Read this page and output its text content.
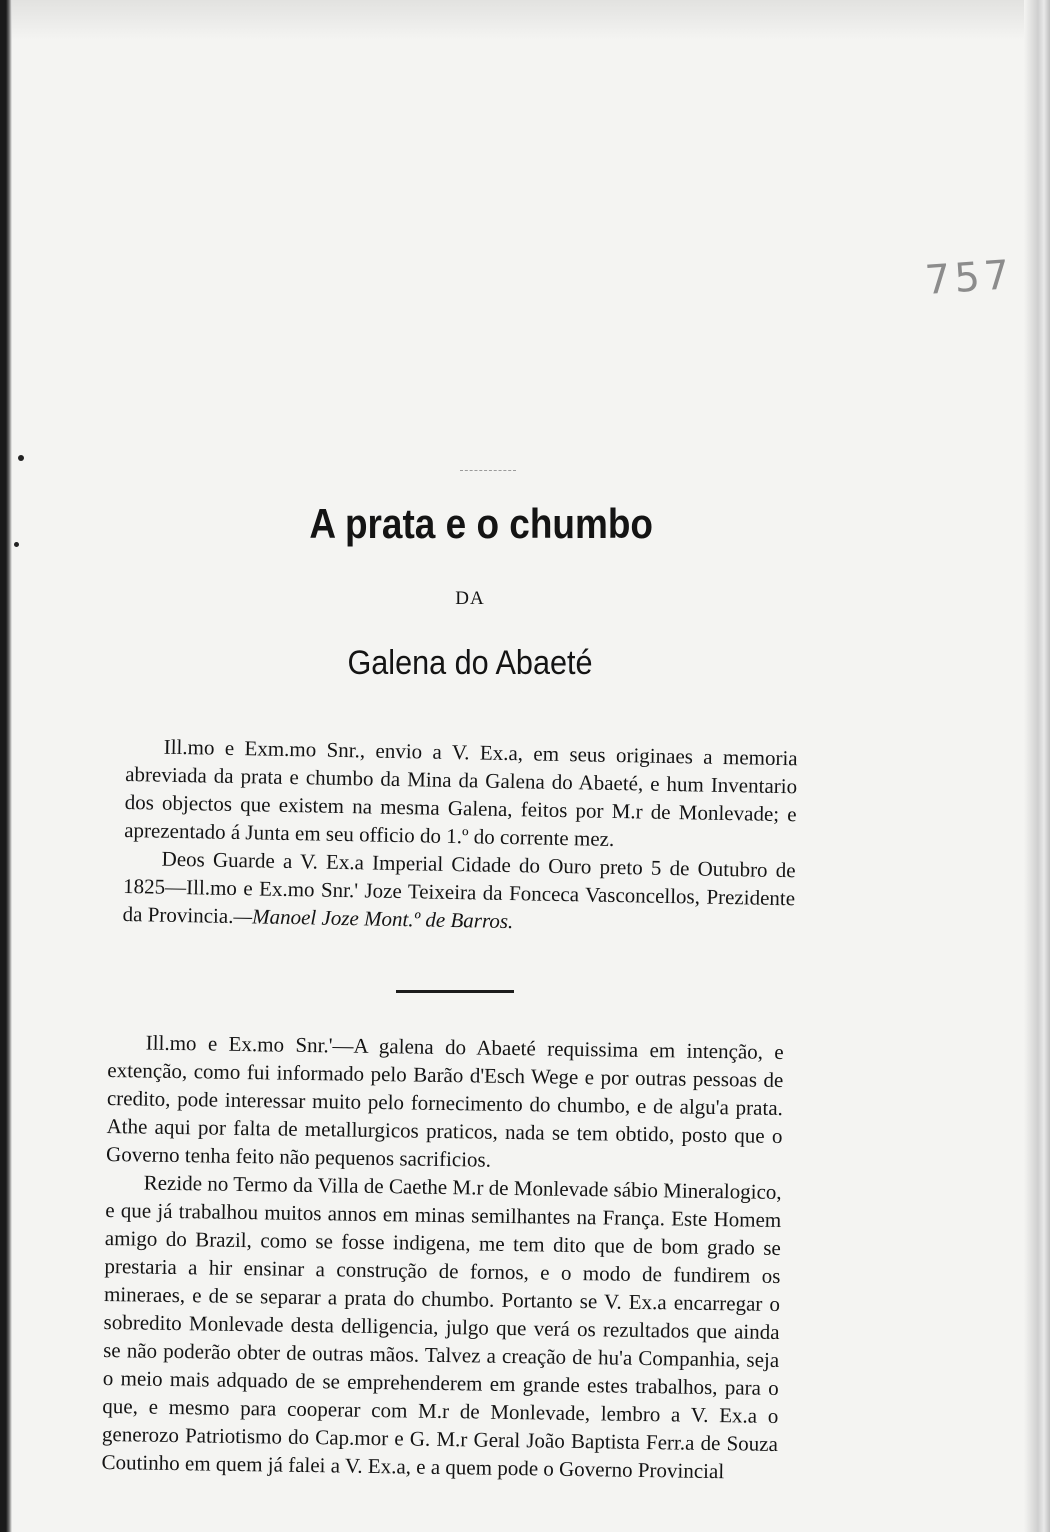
757
A prata e o chumbo
DA
Galena do Abaeté

Ill.mo e Exm.mo Snr., envio a V. Ex.a, em seus originaes a memoria abreviada da prata e chumbo da Mina da Galena do Abaeté, e hum Inventario dos objectos que existem na mesma Galena, feitos por M.r de Monlevade; e aprezentado á Junta em seu officio do 1.º do corrente mez.

Deos Guarde a V. Ex.a Imperial Cidade do Ouro preto 5 de Outubro de 1825—Ill.mo e Ex.mo Snr.' Joze Teixeira da Fonceca Vasconcellos, Prezidente da Provincia.—Manoel Joze Mont.º de Barros.

Ill.mo e Ex.mo Snr.'—A galena do Abaeté requissima em intenção, e extenção, como fui informado pelo Barão d'Esch Wege e por outras pessoas de credito, pode interessar muito pelo fornecimento do chumbo, e de algu'a prata. Athe aqui por falta de metallurgicos praticos, nada se tem obtido, posto que o Governo tenha feito não pequenos sacrificios.

Rezide no Termo da Villa de Caethe M.r de Monlevade sábio Mineralogico, e que já trabalhou muitos annos em minas semilhantes na França. Este Homem amigo do Brazil, como se fosse indigena, me tem dito que de bom grado se prestaria a hir ensinar a construção de fornos, e o modo de fundirem os mineraes, e de se separar a prata do chumbo. Portanto se V. Ex.a encarregar o sobredito Monlevade desta delligencia, julgo que verá os rezultados que ainda se não poderão obter de outras mãos. Talvez a creação de hu'a Companhia, seja o meio mais adquado de se emprehenderem em grande estes trabalhos, para o que, e mesmo para cooperar com M.r de Monlevade, lembro a V. Ex.a o generozo Patriotismo do Cap.mor e G. M.r Geral João Baptista Ferr.a de Souza Coutinho em quem já falei a V. Ex.a, e a quem pode o Governo Provincial
